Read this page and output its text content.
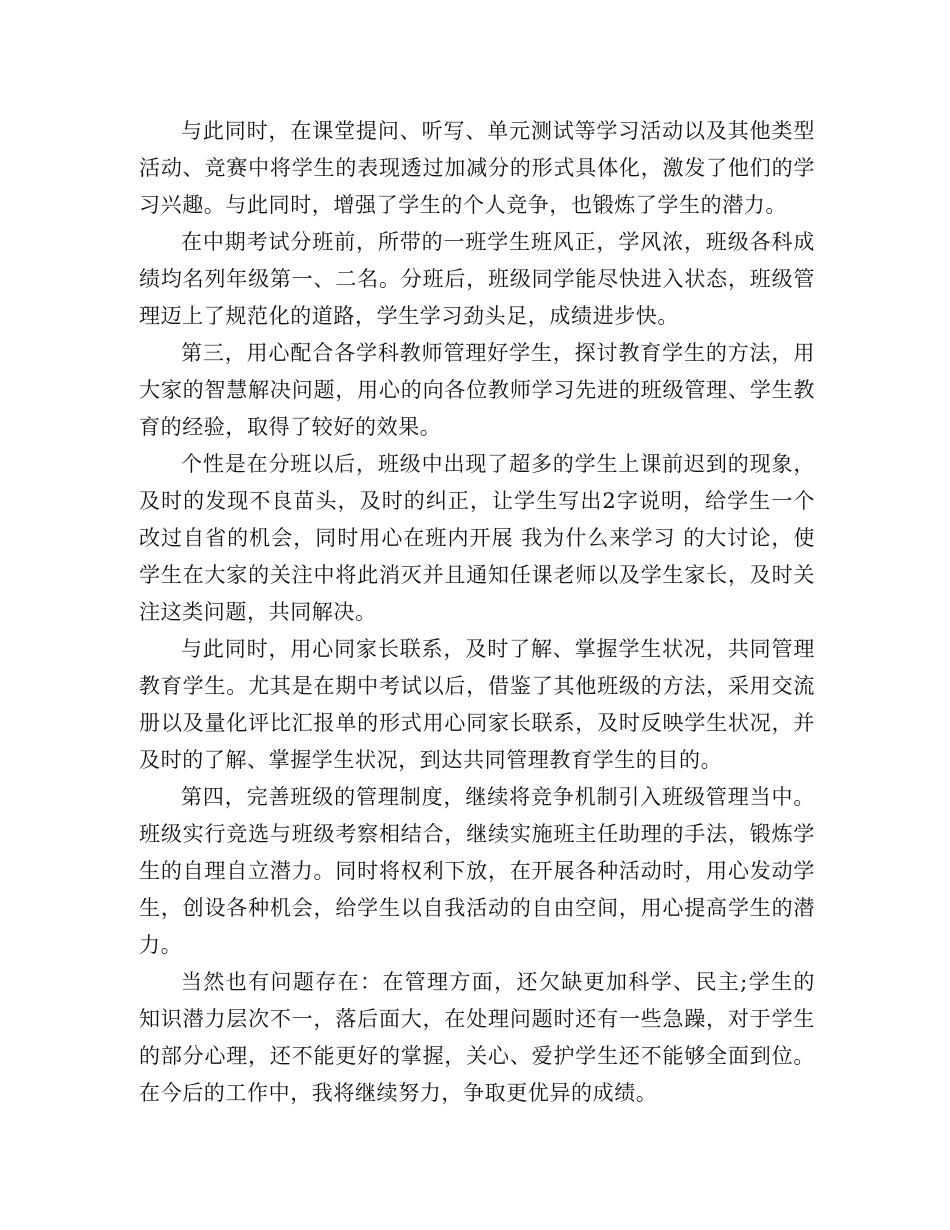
与此同时，在课堂提问、听写、单元测试等学习活动以及其他类型活动、竞赛中将学生的表现透过加减分的形式具体化，激发了他们的学习兴趣。与此同时，增强了学生的个人竞争，也锻炼了学生的潜力。

在中期考试分班前，所带的一班学生班风正，学风浓，班级各科成绩均名列年级第一、二名。分班后，班级同学能尽快进入状态，班级管理迈上了规范化的道路，学生学习劲头足，成绩进步快。

第三，用心配合各学科教师管理好学生，探讨教育学生的方法，用大家的智慧解决问题，用心的向各位教师学习先进的班级管理、学生教育的经验，取得了较好的效果。

个性是在分班以后，班级中出现了超多的学生上课前迟到的现象，及时的发现不良苗头，及时的纠正，让学生写出2字说明，给学生一个改过自省的机会，同时用心在班内开展 我为什么来学习 的大讨论，使学生在大家的关注中将此消灭并且通知任课老师以及学生家长，及时关注这类问题，共同解决。

与此同时，用心同家长联系，及时了解、掌握学生状况，共同管理教育学生。尤其是在期中考试以后，借鉴了其他班级的方法，采用交流册以及量化评比汇报单的形式用心同家长联系，及时反映学生状况，并及时的了解、掌握学生状况，到达共同管理教育学生的目的。

第四，完善班级的管理制度，继续将竞争机制引入班级管理当中。班级实行竞选与班级考察相结合，继续实施班主任助理的手法，锻炼学生的自理自立潜力。同时将权利下放，在开展各种活动时，用心发动学生，创设各种机会，给学生以自我活动的自由空间，用心提高学生的潜力。

当然也有问题存在：在管理方面，还欠缺更加科学、民主;学生的知识潜力层次不一，落后面大，在处理问题时还有一些急躁，对于学生的部分心理，还不能更好的掌握，关心、爱护学生还不能够全面到位。在今后的工作中，我将继续努力，争取更优异的成绩。
